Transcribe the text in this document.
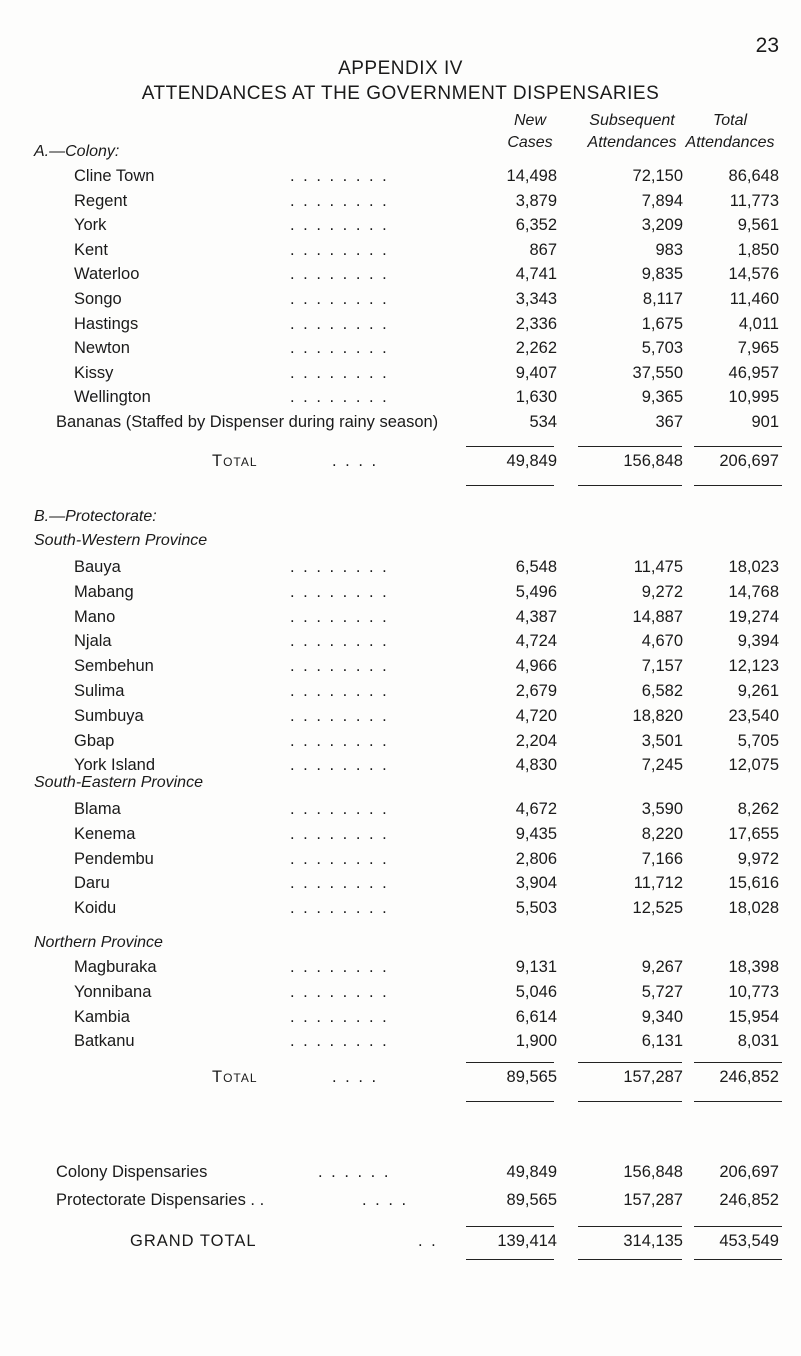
23
APPENDIX IV
ATTENDANCES AT THE GOVERNMENT DISPENSARIES
New
Cases
Subsequent
Attendances
Total
Attendances
A.—Colony:
Cline Town	14,498	72,150	86,648
. . . . . . . .
Regent	3,879	7,894	11,773
. . . . . . . .
York	6,352	3,209	9,561
. . . . . . . .
Kent	867	983	1,850
. . . . . . . .
Waterloo	4,741	9,835	14,576
. . . . . . . .
Songo	3,343	8,117	11,460
. . . . . . . .
Hastings	2,336	1,675	4,011
. . . . . . . .
Newton	2,262	5,703	7,965
. . . . . . . .
Kissy	9,407	37,550	46,957
. . . . . . . .
Wellington	1,630	9,365	10,995
. . . . . . . .
Bananas (Staffed by Dispenser during rainy season)	534	367	901
Total	. . . .	49,849	156,848 206,697
B.—Protectorate:
South-Western Province
Bauya	6,548	11,475	18,023
. . . . . . . .
Mabang	5,496	9,272	14,768
. . . . . . . .
Mano	4,387	14,887	19,274
. . . . . . . .
Njala	4,724	4,670	9,394
. . . . . . . .
Sembehun	4,966	7,157	12,123
. . . . . . . .
Sulima	2,679	6,582	9,261
. . . . . . . .
Sumbuya	4,720	18,820	23,540
. . . . . . . .
Gbap	2,204	3,501	5,705
. . . . . . . .
York Island	4,830	7,245	12,075
. . . . . . . .
South-Eastern Province
Blama	4,672	3,590	8,262
. . . . . . . .
Kenema	9,435	8,220	17,655
. . . . . . . .
Pendembu	2,806	7,166	9,972
. . . . . . . .
Daru	3,904	11,712	15,616
. . . . . . . .
Koidu	5,503	12,525	18,028
. . . . . . . .
Northern Province
Magburaka	9,131	9,267	18,398
. . . . . . . .
Yonnibana	5,046	5,727	10,773
. . . . . . . .
Kambia	6,614	9,340	15,954
. . . . . . . .
Batkanu	1,900	6,131	8,031
. . . . . . . .
Total	. . . .	89,565	157,287 246,852
Colony Dispensaries	49,849	156,848 206,697
. . . . . .
Protectorate Dispensaries . .	89,565	157,287 246,852
. . . .
GRAND TOTAL	. .	139,414	314,135 453,549
